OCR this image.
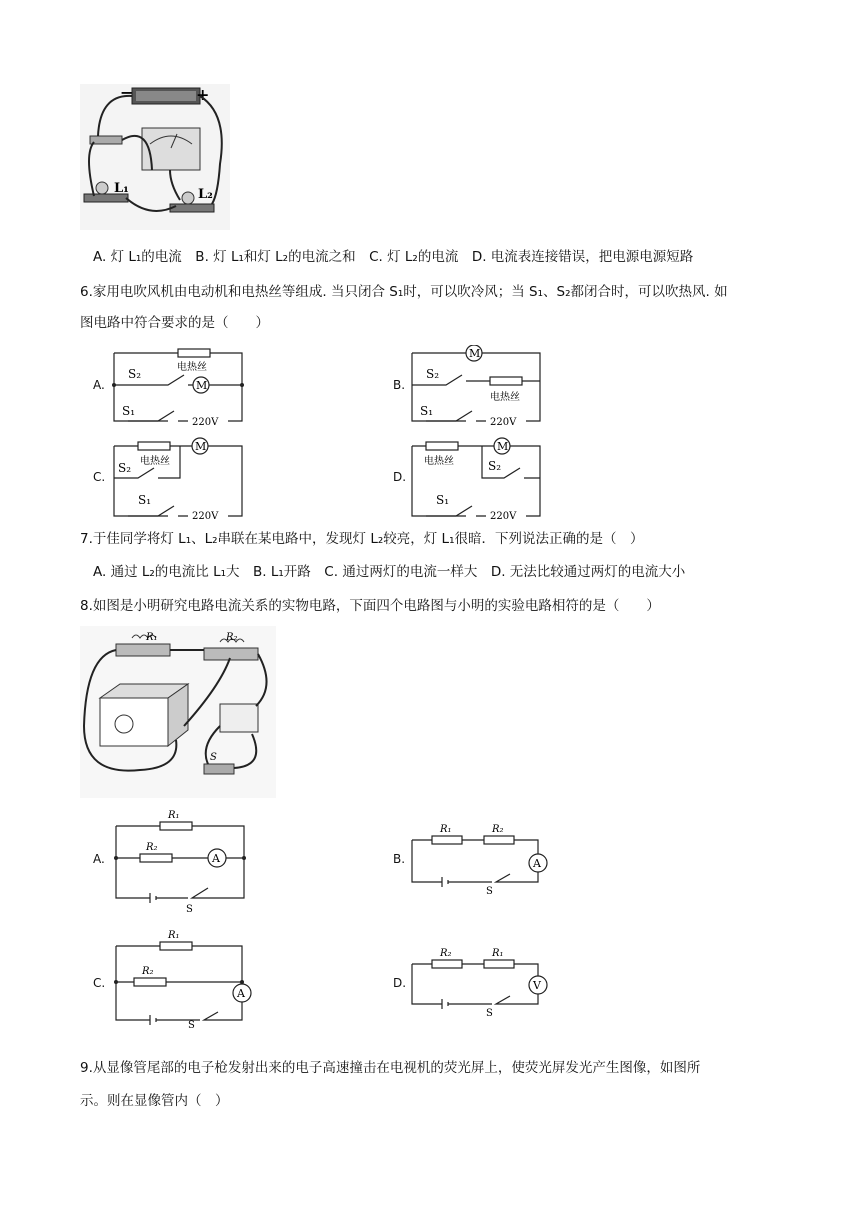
−	+
L₁	L₂
A. 灯 L₁的电流　B. 灯 L₁和灯 L₂的电流之和　C. 灯 L₂的电流　D. 电流表连接错误，把电源电源短路
6.家用电吹风机由电动机和电热丝等组成. 当只闭合 S₁时，可以吹冷风；当 S₁、S₂都闭合时，可以吹热风. 如
图电路中符合要求的是（　　）
A.
电热丝
M
S₂
S₁
220V
B.
M
电热丝
S₂
S₁
220V
C.
M
电热丝
S₂
S₁
220V
D.
M
电热丝	S₂
S₁
220V
7.于佳同学将灯 L₁、L₂串联在某电路中，发现灯 L₂较亮，灯 L₁很暗．下列说法正确的是（　）
A. 通过 L₂的电流比 L₁大　B. L₁开路　C. 通过两灯的电流一样大　D. 无法比较通过两灯的电流大小
8.如图是小明研究电路电流关系的实物电路，下面四个电路图与小明的实验电路相符的是（　　）
R₁	R₂
S
A.
R₁
R₂
A
S
B.
R₁	R₂
A
S
C.
R₁
R₂
A
S
D.
R₂	R₁
V
S
9.从显像管尾部的电子枪发射出来的电子高速撞击在电视机的荧光屏上，使荧光屏发光产生图像，如图所
示。则在显像管内（　）
